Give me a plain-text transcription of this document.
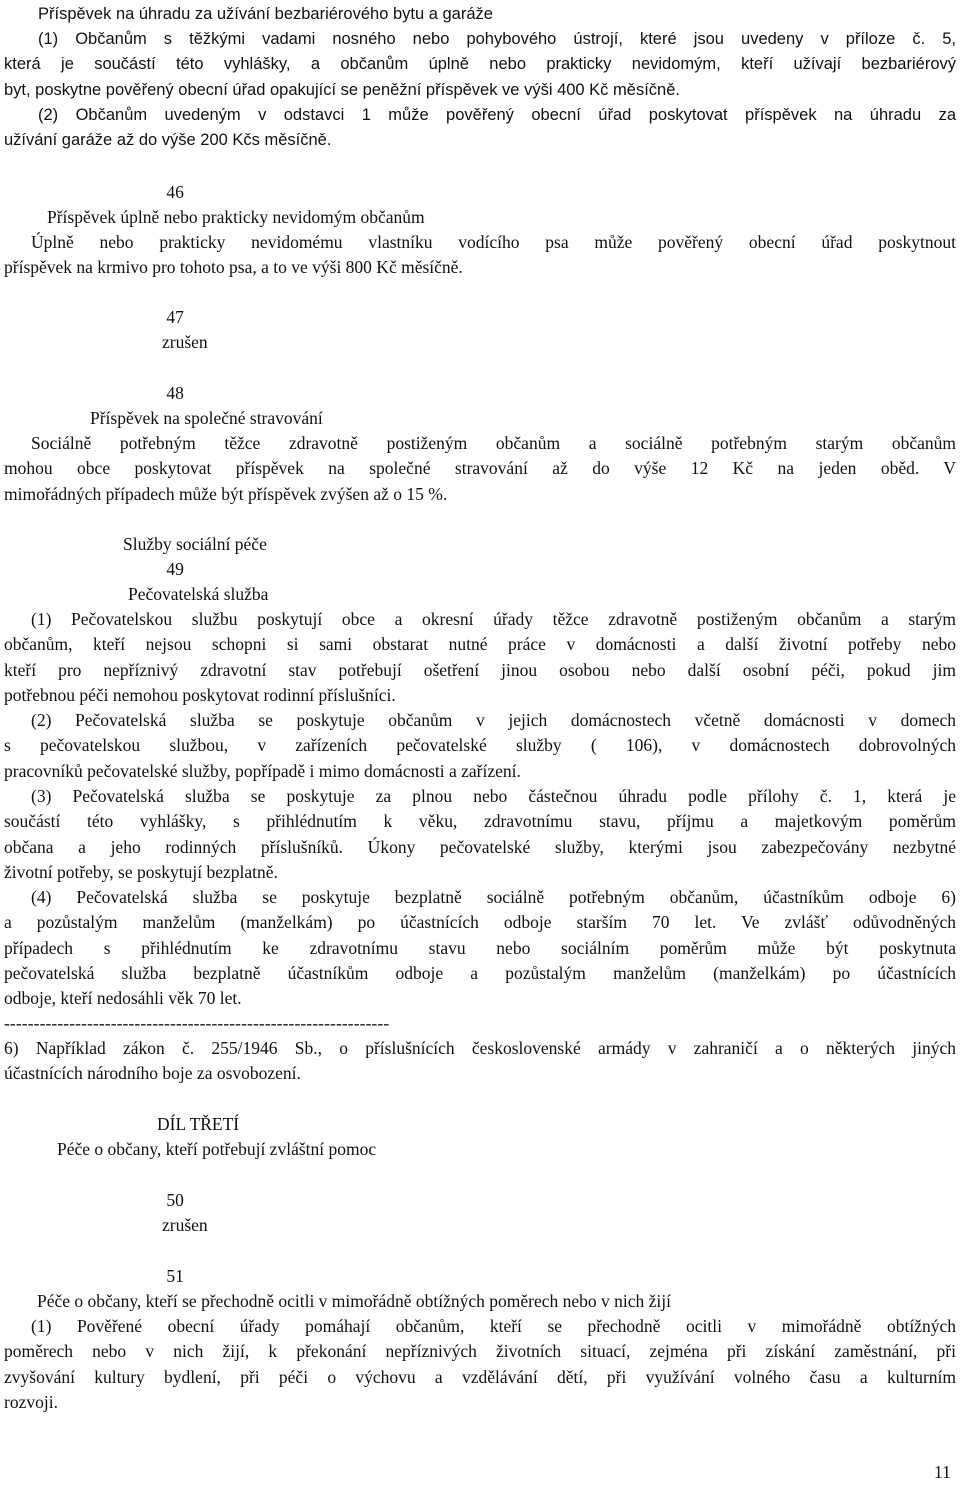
Příspěvek na úhradu za užívání bezbariérového bytu a garáže

(1) Občanům s těžkými vadami nosného nebo pohybového ústrojí, které jsou uvedeny v příloze č. 5,
která je součástí této vyhlášky, a občanům úplně nebo prakticky nevidomým, kteří užívají bezbariérový
byt, poskytne pověřený obecní úřad opakující se peněžní příspěvek ve výši 400 Kč měsíčně.
(2) Občanům uvedeným v odstavci 1 může pověřený obecní úřad poskytovat příspěvek na úhradu za
užívání garáže až do výše 200 Kčs měsíčně.

46

Příspěvek úplně nebo prakticky nevidomým občanům

Úplně nebo prakticky nevidomému vlastníku vodícího psa může pověřený obecní úřad poskytnout
příspěvek na krmivo pro tohoto psa, a to ve výši 800 Kč měsíčně.

47

zrušen

48

Příspěvek na společné stravování

Sociálně potřebným těžce zdravotně postiženým občanům a sociálně potřebným starým občanům
mohou obce poskytovat příspěvek na společné stravování až do výše 12 Kč na jeden oběd. V
mimořádných případech může být příspěvek zvýšen až o 15 %.

Služby sociální péče

49

Pečovatelská služba

(1) Pečovatelskou službu poskytují obce a okresní úřady těžce zdravotně postiženým občanům a starým
občanům, kteří nejsou schopni si sami obstarat nutné práce v domácnosti a další životní potřeby nebo
kteří pro nepříznivý zdravotní stav potřebují ošetření jinou osobou nebo další osobní péči, pokud jim
potřebnou péči nemohou poskytovat rodinní příslušníci.
(2) Pečovatelská služba se poskytuje občanům v jejich domácnostech včetně domácnosti v domech
s pečovatelskou službou, v zařízeních pečovatelské služby ( 106), v domácnostech dobrovolných
pracovníků pečovatelské služby, popřípadě i mimo domácnosti a zařízení.
(3) Pečovatelská služba se poskytuje za plnou nebo částečnou úhradu podle přílohy č. 1, která je
součástí této vyhlášky, s přihlédnutím k věku, zdravotnímu stavu, příjmu a majetkovým poměrům
občana a jeho rodinných příslušníků. Úkony pečovatelské služby, kterými jsou zabezpečovány nezbytné
životní potřeby, se poskytují bezplatně.
(4) Pečovatelská služba se poskytuje bezplatně sociálně potřebným občanům, účastníkům odboje 6)
a pozůstalým manželům (manželkám) po účastnících odboje starším 70 let. Ve zvlášť odůvodněných
případech s přihlédnutím ke zdravotnímu stavu nebo sociálním poměrům může být poskytnuta
pečovatelská služba bezplatně účastníkům odboje a pozůstalým manželům (manželkám) po účastnících
odboje, kteří nedosáhli věk 70 let.

-----------------------------------------------------------------

6) Například zákon č. 255/1946 Sb., o příslušnících československé armády v zahraničí a o některých jiných
účastnících národního boje za osvobození.

DÍL TŘETÍ

Péče o občany, kteří potřebují zvláštní pomoc

50

zrušen

51

Péče o občany, kteří se přechodně ocitli v mimořádně obtížných poměrech nebo v nich žijí

(1) Pověřené obecní úřady pomáhají občanům, kteří se přechodně ocitli v mimořádně obtížných
poměrech nebo v nich žijí, k překonání nepříznivých životních situací, zejména při získání zaměstnání, při
zvyšování kultury bydlení, při péči o výchovu a vzdělávání dětí, při využívání volného času a kulturním
rozvoji.

11
